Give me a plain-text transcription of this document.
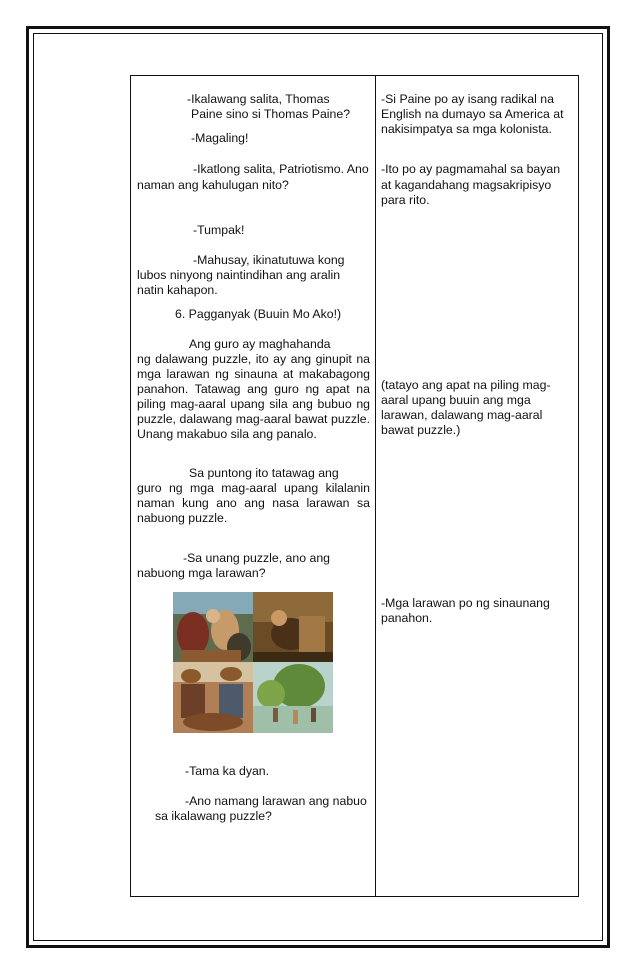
-Ikalawang salita, Thomas

Paine sino si Thomas Paine?

-Magaling!

-Ikatlong salita, Patriotismo. Ano

naman ang kahulugan nito?

-Tumpak!

-Mahusay, ikinatutuwa kong

lubos ninyong naintindihan ang aralin

natin kahapon.

6. Pagganyak (Buuin Mo Ako!)

Ang guro ay maghahanda

ng dalawang puzzle, ito ay ang ginupit na mga larawan ng sinauna at makabagong panahon. Tatawag ang guro ng apat na piling mag-aaral upang sila ang bubuo ng puzzle, dalawang mag-aaral bawat puzzle. Unang makabuo sila ang panalo.

Sa puntong ito tatawag ang

guro ng mga mag-aaral upang kilalanin naman kung ano ang nasa larawan sa nabuong puzzle.

-Sa unang puzzle, ano ang

nabuong mga larawan?

-Tama ka dyan.

-Ano namang larawan ang nabuo

sa ikalawang puzzle?

-Si Paine po ay isang radikal na

English na dumayo sa America at

nakisimpatya sa mga kolonista.

-Ito po ay pagmamahal sa bayan

at kagandahang magsakripisyo

para rito.

(tatayo ang apat na piling mag-

aaral upang buuin ang mga

larawan, dalawang mag-aaral

bawat puzzle.)

-Mga larawan po ng sinaunang

panahon.
